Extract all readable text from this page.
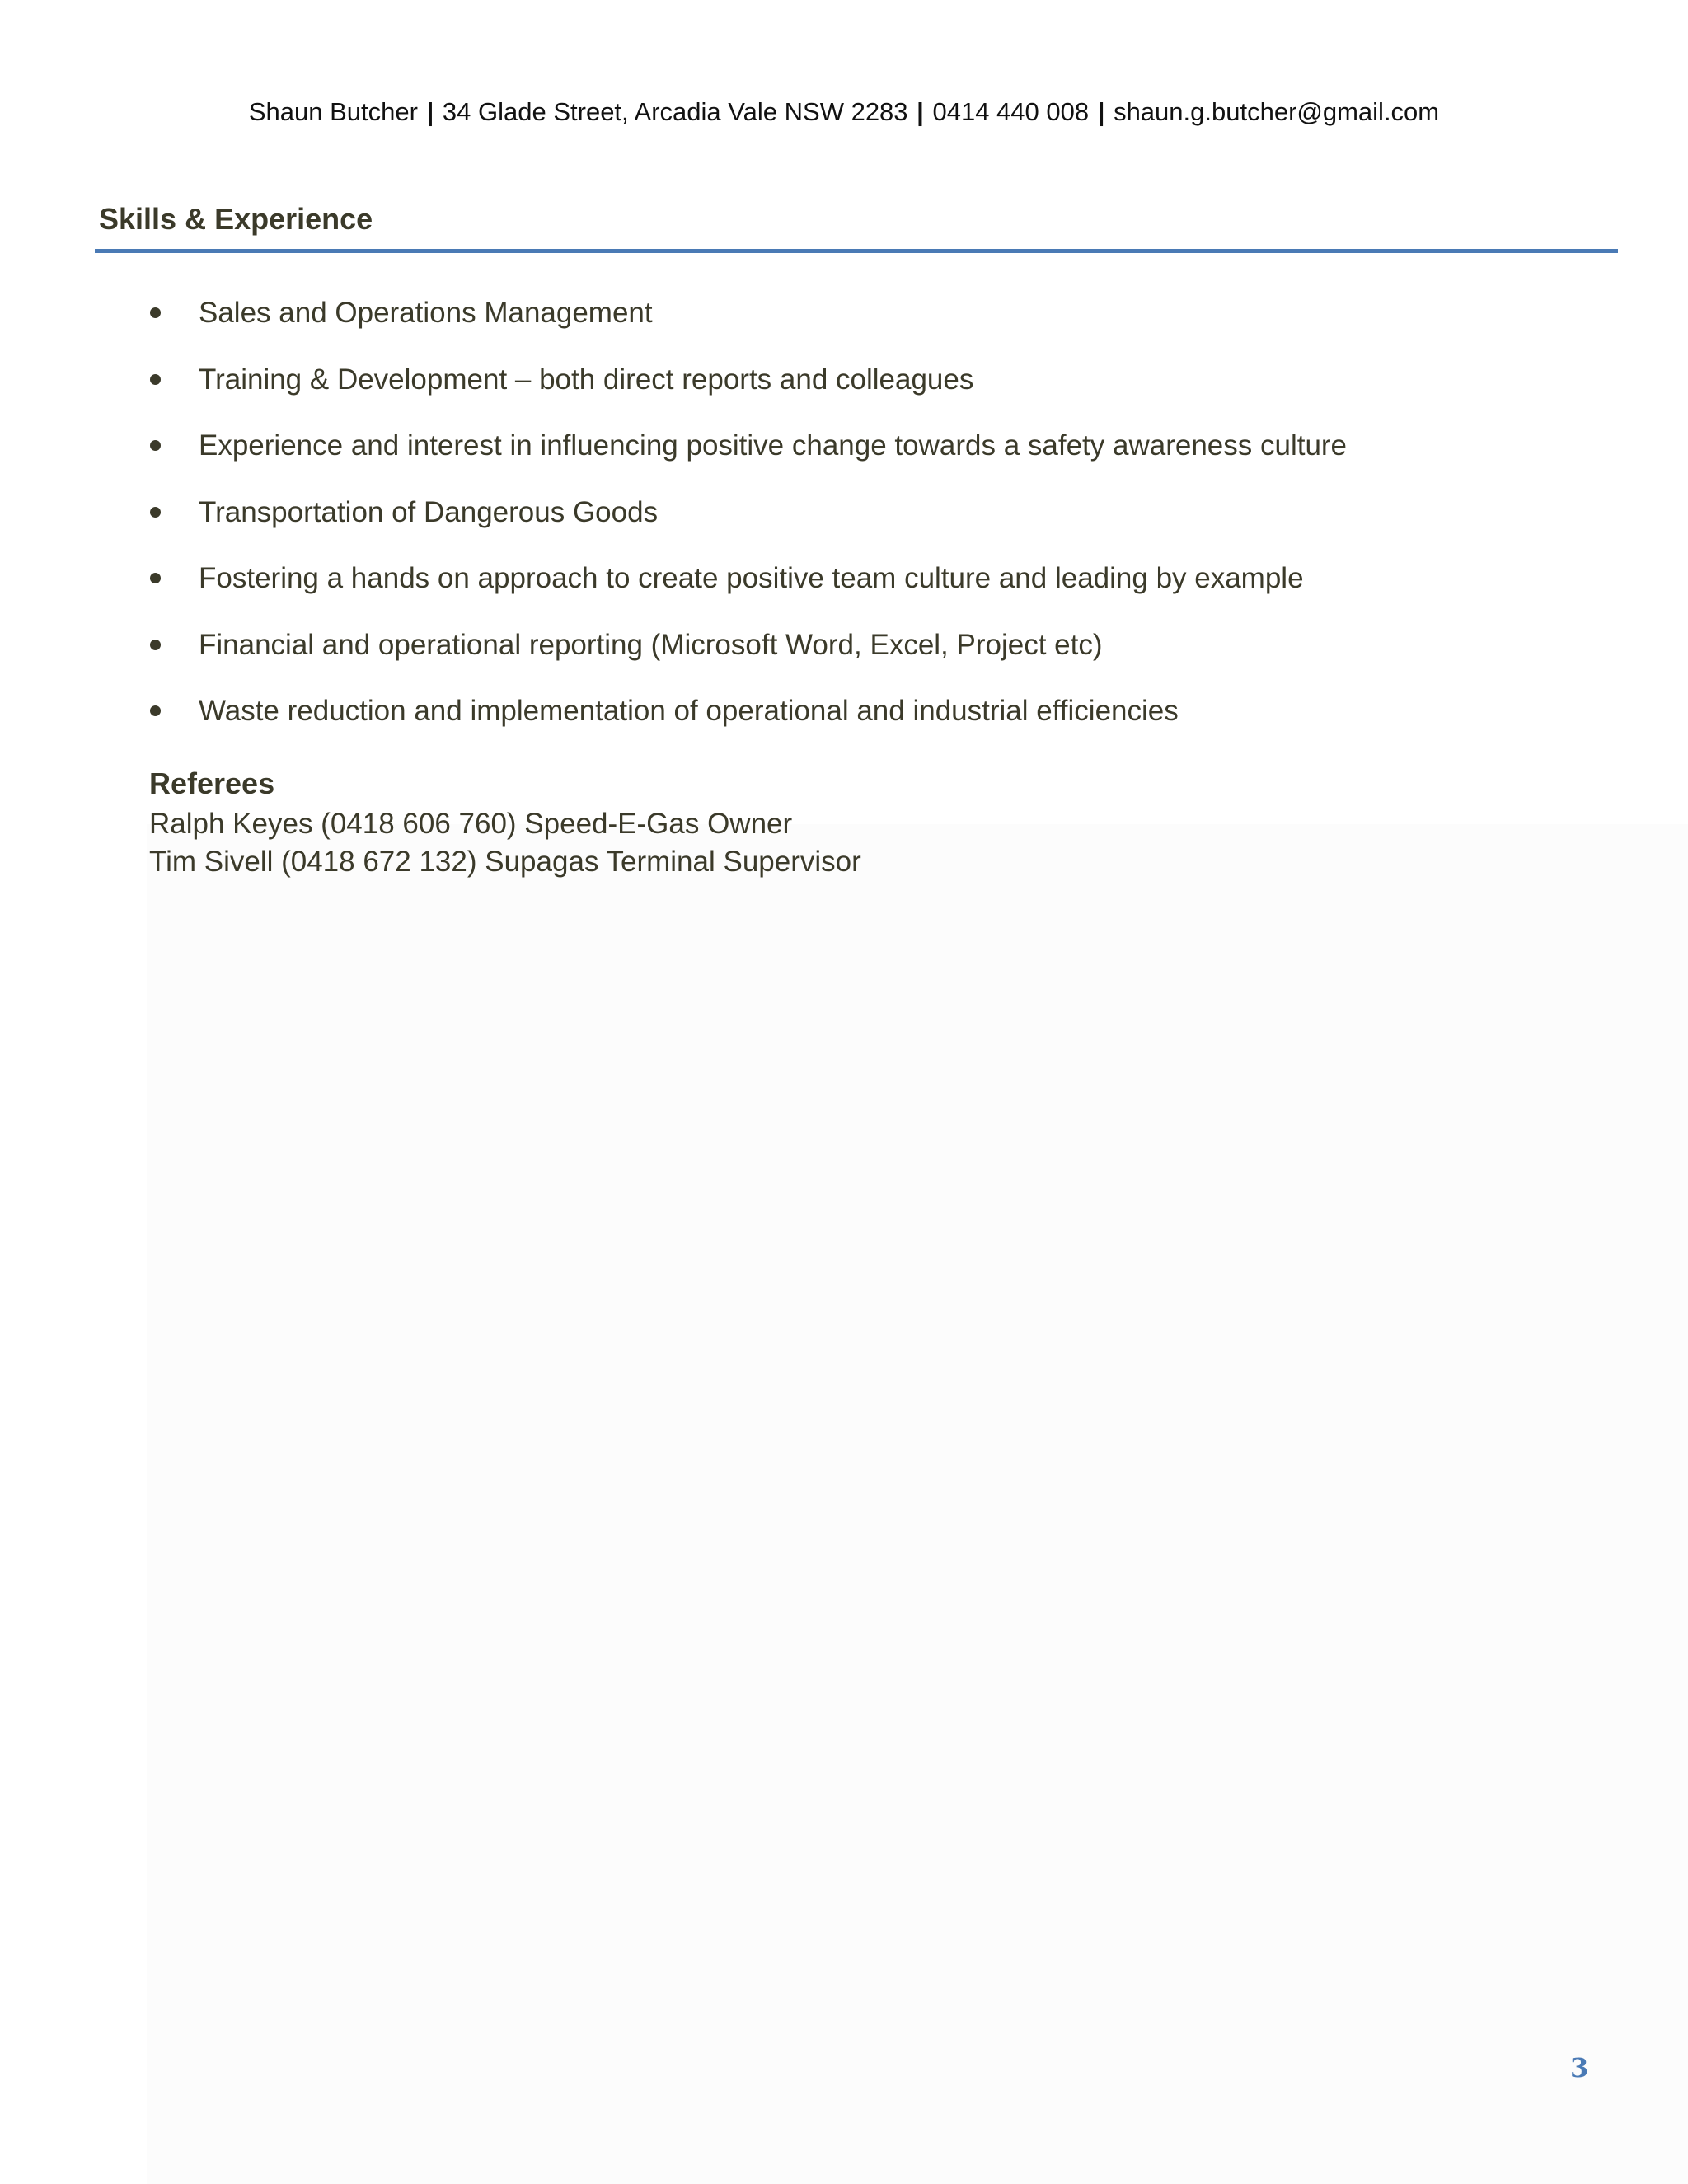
Shaun Butcher | 34 Glade Street, Arcadia Vale NSW 2283 | 0414 440 008 | shaun.g.butcher@gmail.com
Skills & Experience
Sales and Operations Management
Training & Development – both direct reports and colleagues
Experience and interest in influencing positive change towards a safety awareness culture
Transportation of Dangerous Goods
Fostering a hands on approach to create positive team culture and leading by example
Financial and operational reporting (Microsoft Word, Excel, Project etc)
Waste reduction and implementation of operational and industrial efficiencies
Referees
Ralph Keyes (0418 606 760) Speed-E-Gas Owner
Tim Sivell (0418 672 132) Supagas Terminal Supervisor
3
